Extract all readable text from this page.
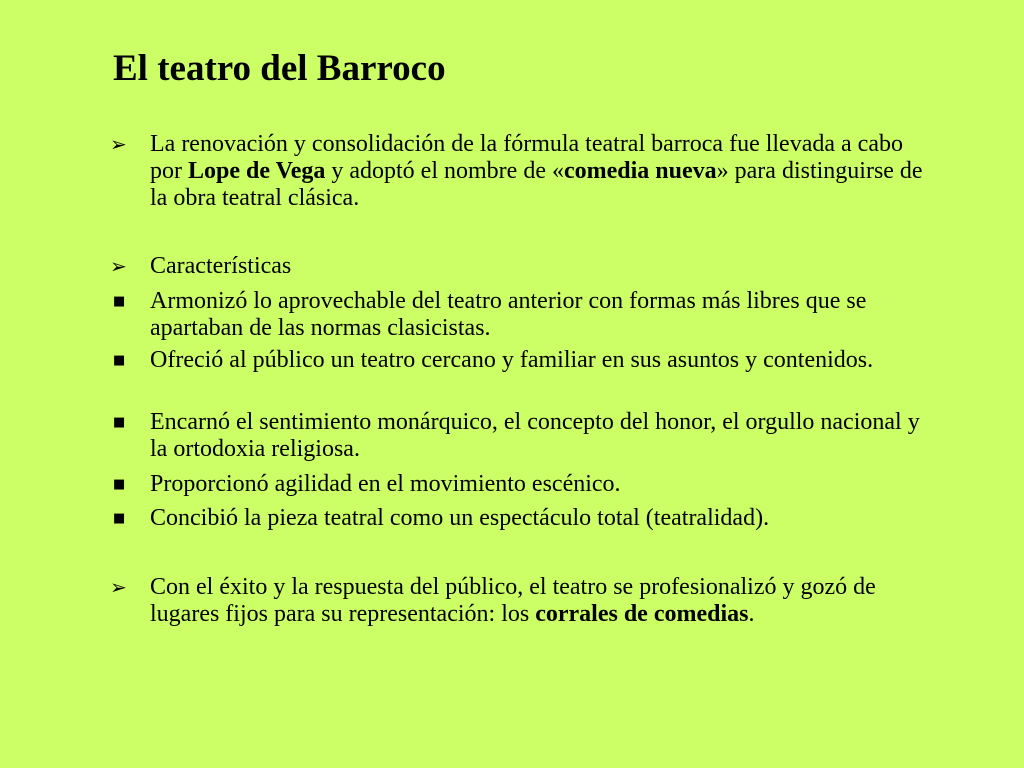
El teatro del Barroco
➢ La renovación y consolidación de la fórmula teatral barroca fue llevada a cabo por Lope de Vega y adoptó el nombre de «comedia nueva» para distinguirse de la obra teatral clásica.
➢ Características
■	Armonizó lo aprovechable del teatro anterior con formas más libres que se apartaban de las normas clasicistas.
■	Ofreció al público un teatro cercano y familiar en sus asuntos y contenidos.
■	Encarnó el sentimiento monárquico, el concepto del honor, el orgullo nacional y la ortodoxia religiosa.
■	Proporcionó agilidad en el movimiento escénico.
■	Concibió la pieza teatral como un espectáculo total (teatralidad).
➢ Con el éxito y la respuesta del público, el teatro se profesionalizó y gozó de lugares fijos para su representación: los corrales de comedias.
